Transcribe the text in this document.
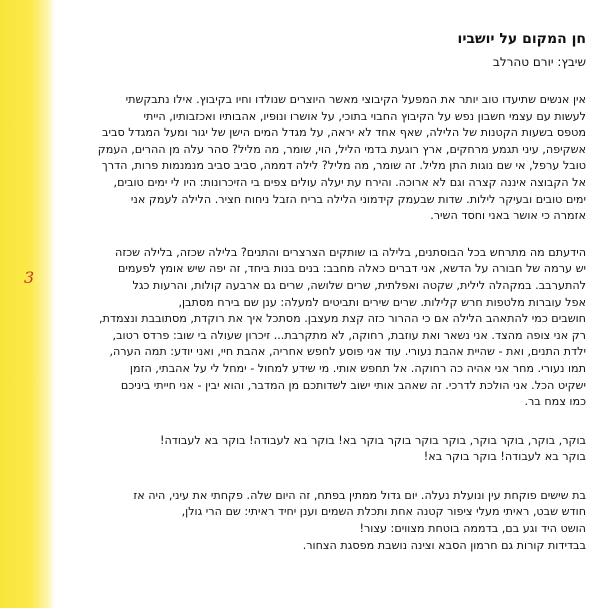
3
חן המקום על יושביו
שיבץ: יורם טהרלב
אין אנשים שתיעדו טוב יותר את המפעל הקיבוצי מאשר היוצרים שנולדו וחיו בקיבוץ. אילו נתבקשתי
לעשות עם עצמי חשבון נפש על הקיבוץ החבוי בתוכי, על אושרו ונופיו, אהבותיו ואכזבותיו, הייתי
מטפס בשעות הקטנות של הלילה, שאף אחד לא יראה, על מגדל המים הישן של יגור ומעל המגדל סביב
אשקיפה, עיני תגמע מרחקים, ארץ רוגעת בדמי הליל, הוי, שומר, מה מליל? סהר עלה מן ההרים, העמק
טובל ערפל, אי שם נוגות התן מליל. זה שומר, מה מליל? לילה דממה, סביב סביב מנמנמות פרות, הדרך
אל הקבוצה איננה קצרה וגם לא ארוכה. והירח עת יעלה עולים צפים בי הזיכרונות: היו לי ימים טובים,
ימים טובים ובעיקר לילות. שדות שבעמק קידמוני הלילה בריח הזבל ניחוח חציר. הלילה לעמק אני
אזמרה כי אושר באני וחסד השיר.
הידעתם מה מתרחש בכל הבוסתנים, בלילה בו שותקים הצרצרים והתנים? בלילה שכזה, בלילה שכזה
יש ערמה של חבורה על הדשא, אני דברים כאלה מחבב: בנים בנות ביחד, זה יפה שיש אומץ לפעמים
להתערבב. במקהלה לילית, שקטה ואפלתית, שרים שלושה, שרים גם ארבעה קולות, והרעות כגל
אפל עוברות מלטפות חרש קלילות. שרים שירים ותביטים למעלה: ענן שם בירח מסתבן,
חושבים כמי להתאהב הלילה אם כי ההרור כזה קצת מעצבן. מסתכל איך את רוקדת, מסתובבת ונצמדת,
רק אני צופה מהצד. אני נשאר ואת עוזבת, רחוקה, לא מתקרבת... זיכרון שעולה בי שוב: פרדס רטוב,
ילדת התנים, ואת - שהיית אהבת נעורי. עוד אני פוסע לחפש אחריה, אהבת חיי, ואני יודע: תמה הערה,
תמו נעורי. מחר אני אהיה כה רחוקה. אל תחפש אותי. מי שידע למחול - ימחל לי על אהבתי, הזמן
ישקיט הכל. אני הולכת לדרכי. זה שאהב אותי ישוב לשדותכם מן המדבר, והוא יבין - אני חייתי ביניכם
כמו צמח בר.
בוקר, בוקר, בוקר בוקר, בוקר בוקר בוקר בוקר בא! בוקר בא לעבודה! בוקר בא לעבודה!
בוקר בא לעבודה! בוקר בוקר בא!
בת שישים פוקחת עין ונועלת נעלה. יום גדול ממתין בפתח, זה היום שלה. פקחתי את עיני, היה אז
חודש שבט, ראיתי מעלי ציפור קטנה אחת ותכלת השמים וענן יחיד ראיתי: שם הרי גולן,
הושט היד וגע בם, בדממה בוטחת מצווים: עצור!
בבדידות קורות גם חרמון הסבא וצינה נושבת מפסגת הצחור.
